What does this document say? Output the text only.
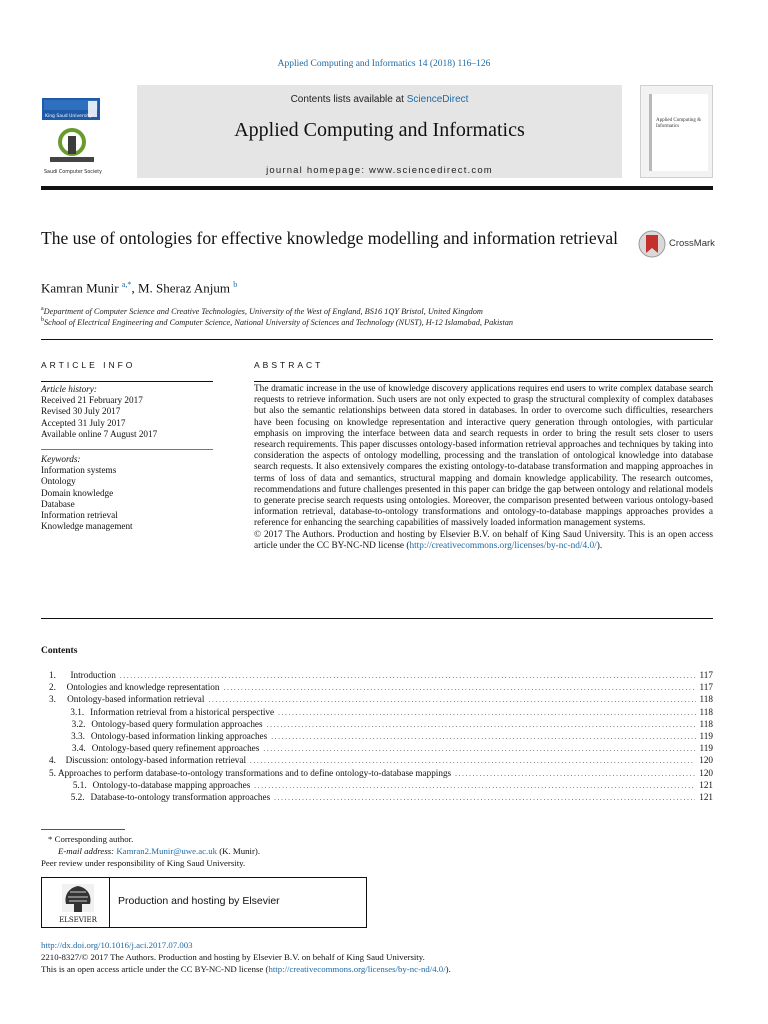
Applied Computing and Informatics 14 (2018) 116–126
King Saud University
Saudi Computer Society
Contents lists available at ScienceDirect
Applied Computing and Informatics
journal homepage: www.sciencedirect.com
Applied Computing & Informatics
The use of ontologies for effective knowledge modelling and information retrieval	CrossMark
Kamran Munir $^{a,*}$, M. Sheraz Anjum $^b$
$^a$Department of Computer Science and Creative Technologies, University of the West of England, BS16 1QY Bristol, United Kingdom
$^b$School of Electrical Engineering and Computer Science, National University of Sciences and Technology (NUST), H-12 Islamabad, Pakistan
ARTICLE INFO	ABSTRACT
Article history:
Received 21 February 2017
Revised 30 July 2017
Accepted 31 July 2017
Available online 7 August 2017
Keywords:
Information systems
Ontology
Domain knowledge
Database
Information retrieval
Knowledge management

The dramatic increase in the use of knowledge discovery applications requires end users to write complex database search requests to retrieve information. Such users are not only expected to grasp the structural complexity of complex databases but also the semantic relationships between data stored in databases. In order to overcome such difficulties, researchers have been focusing on knowledge representation and interactive query generation through ontologies, with particular emphasis on improving the interface between data and search requests in order to bring the result sets closer to users research requirements. This paper discusses ontology-based information retrieval approaches and techniques by taking into consideration the aspects of ontology modelling, processing and the translation of ontological knowledge into database search requests. It also extensively compares the existing ontology-to-database transformation and mapping approaches in terms of loss of data and semantics, structural mapping and domain knowledge applicability. The research outcomes, recommendations and future challenges presented in this paper can bridge the gap between ontology and relational models to generate precise search requests using ontologies. Moreover, the comparison presented between various ontology-based information retrieval, database-to-ontology transformations and ontology-to-database mappings approaches provides a reference for enhancing the searching capabilities of massively loaded information management systems.

© 2017 The Authors. Production and hosting by Elsevier B.V. on behalf of King Saud University. This is an open access article under the CC BY-NC-ND license (http://creativecommons.org/licenses/by-nc-nd/4.0/).

Contents
1.	Introduction . . .	117
2.	Ontologies and knowledge representation . . .	117
3.	Ontology-based information retrieval . . .	118
3.1. Information retrieval from a historical perspective . . .	118
3.2. Ontology-based query formulation approaches . . .	118
3.3. Ontology-based information linking approaches . . .	119
3.4. Ontology-based query refinement approaches . . .	119
4.	Discussion: ontology-based information retrieval . . .	120
5. Approaches to perform database-to-ontology transformations and to define ontology-to-database mappings . . .	120
5.1. Ontology-to-database mapping approaches . . .	121
5.2. Database-to-ontology transformation approaches . . .	121
* Corresponding author.
E-mail address: Kamran2.Munir@uwe.ac.uk (K. Munir).
Peer review under responsibility of King Saud University.
ELSEVIER
Production and hosting by Elsevier
http://dx.doi.org/10.1016/j.aci.2017.07.003
2210-8327/© 2017 The Authors. Production and hosting by Elsevier B.V. on behalf of King Saud University.
This is an open access article under the CC BY-NC-ND license (http://creativecommons.org/licenses/by-nc-nd/4.0/).
